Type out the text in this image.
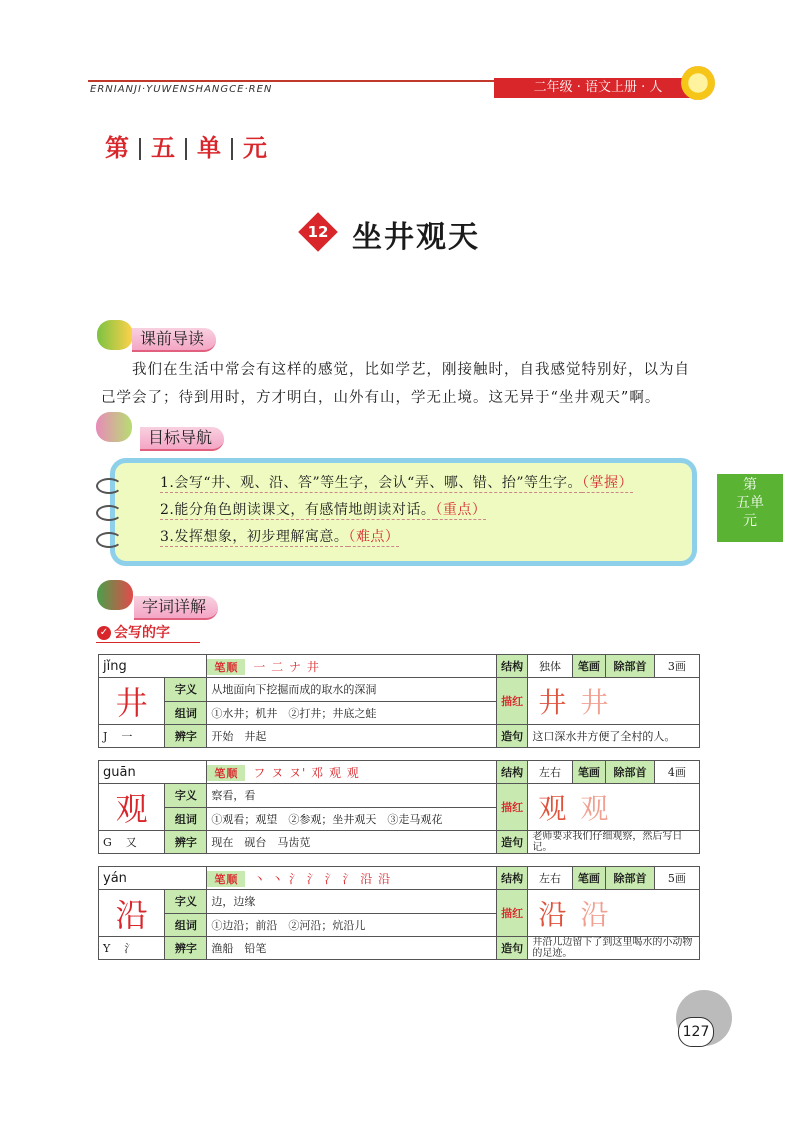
ERNIANJI·YUWENSHANGCE·REN	二年级 · 语文上册 · 人
第 五 单 元
12 坐井观天
课前导读
我们在生活中常会有这样的感觉，比如学艺，刚接触时，自我感觉特别好，以为自己学会了；待到用时，方才明白，山外有山，学无止境。这无异于“坐井观天”啊。
目标导航
1.会写“井、观、沿、答”等生字，会认“弄、哪、错、抬”等生字。（掌握）
2.能分角色朗读课文，有感情地朗读对话。（重点）
3.发挥想象，初步理解寓意。（难点）
第
五单
元
字词详解
✓ 会写的字
jǐng		笔顺 一 二 ナ 井	结构	独体	笔画	除部首	3画
井	字义	从地面向下挖掘而成的取水的深洞	描红	井井			
	组词	①水井；机井　②打井；井底之蛙					
J 一	辨字	开始　井起	造句	这口深水井方便了全村的人。			
guān		笔顺 フ ヌ ヌ' 邓 观 观	结构	左右	笔画	除部首	4画
观	字义	察看，看	描红	观观			
	组词	①观看；观望　②参观；坐井观天　③走马观花					
G 又	辨字	现在　砚台　马齿苋	造句	老师要求我们仔细观察，然后写日记。			
yán		笔顺 丶 丶 氵 氵 氵 氵 沿 沿	结构	左右	笔画	除部首	5画
沿	字义	边，边缘	描红	沿沿			
	组词	①边沿；前沿　②河沿；炕沿儿					
Y 氵	辨字	渔船　铅笔	造句	井沿儿边留下了到这里喝水的小动物的足迹。			
127
